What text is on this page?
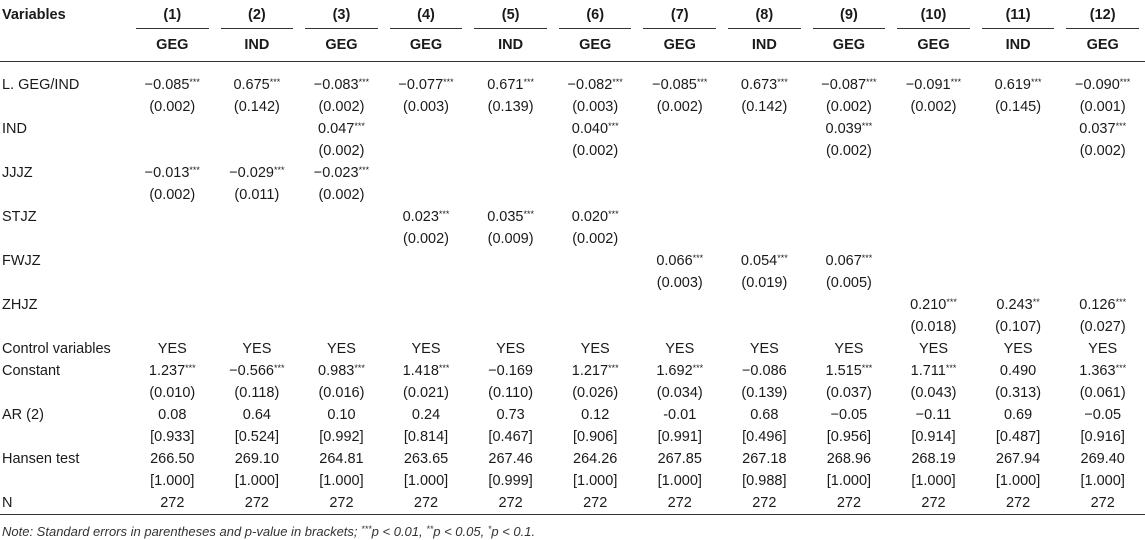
Variables	(1)	(2)	(3)	(4)	(5)	(6)	(7)	(8)	(9)	(10)	(11)	(12)
	GEG	IND	GEG	GEG	IND	GEG	GEG	IND	GEG	GEG	IND	GEG

L. GEG/IND	−0.085***	0.675***	−0.083***	−0.077***	0.671***	−0.082***	−0.085***	0.673***	−0.087***	−0.091***	0.619***	−0.090***
	(0.002)	(0.142)	(0.002)	(0.003)	(0.139)	(0.003)	(0.002)	(0.142)	(0.002)	(0.002)	(0.145)	(0.001)
IND			0.047***			0.040***			0.039***			0.037***
			(0.002)			(0.002)			(0.002)			(0.002)
JJJZ	−0.013***	−0.029***	−0.023***									
	(0.002)	(0.011)	(0.002)									
STJZ				0.023***	0.035***	0.020***						
				(0.002)	(0.009)	(0.002)						
FWJZ							0.066***	0.054***	0.067***			
							(0.003)	(0.019)	(0.005)			
ZHJZ										0.210***	0.243**	0.126***
										(0.018)	(0.107)	(0.027)
Control variables	YES	YES	YES	YES	YES	YES	YES	YES	YES	YES	YES	YES
Constant	1.237***	−0.566***	0.983***	1.418***	−0.169	1.217***	1.692***	−0.086	1.515***	1.711***	0.490	1.363***
	(0.010)	(0.118)	(0.016)	(0.021)	(0.110)	(0.026)	(0.034)	(0.139)	(0.037)	(0.043)	(0.313)	(0.061)
AR (2)	0.08	0.64	0.10	0.24	0.73	0.12	-0.01	0.68	−0.05	−0.11	0.69	−0.05
	[0.933]	[0.524]	[0.992]	[0.814]	[0.467]	[0.906]	[0.991]	[0.496]	[0.956]	[0.914]	[0.487]	[0.916]
Hansen test	266.50	269.10	264.81	263.65	267.46	264.26	267.85	267.18	268.96	268.19	267.94	269.40
	[1.000]	[1.000]	[1.000]	[1.000]	[0.999]	[1.000]	[1.000]	[0.988]	[1.000]	[1.000]	[1.000]	[1.000]
N	272	272	272	272	272	272	272	272	272	272	272	272
Note: Standard errors in parentheses and p-value in brackets; ***p < 0.01, **p < 0.05, *p < 0.1.
